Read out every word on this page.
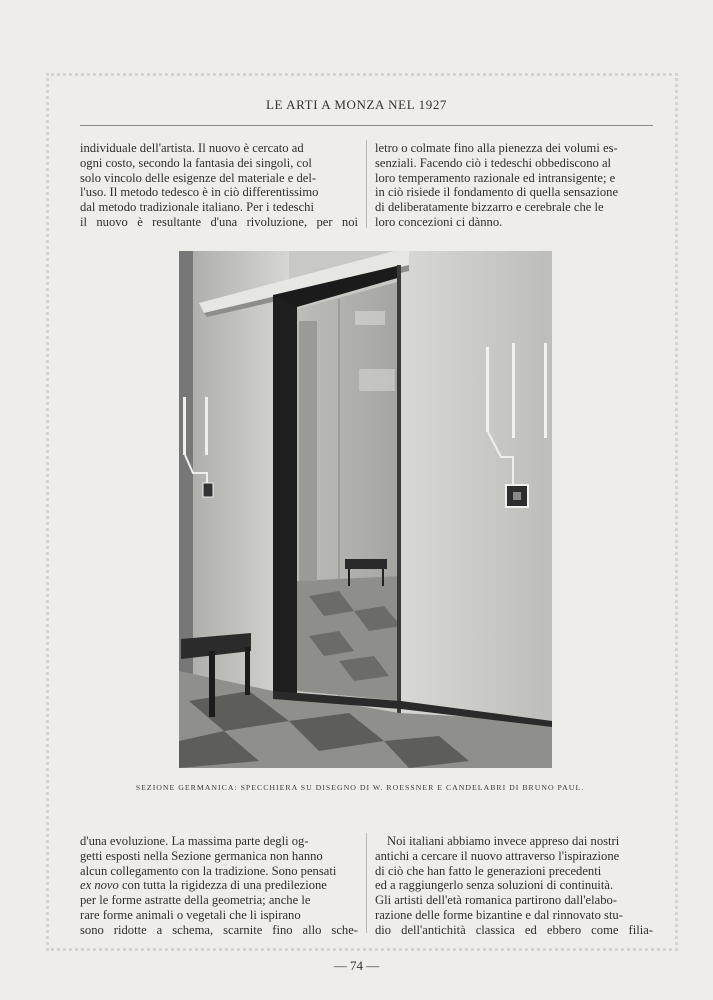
LE ARTI A MONZA NEL 1927

individuale dell'artista. Il nuovo è cercato ad

ogni costo, secondo la fantasia dei singoli, col

solo vincolo delle esigenze del materiale e del-

l'uso. Il metodo tedesco è in ciò differentissimo

dal metodo tradizionale italiano. Per i tedeschi

il nuovo è resultante d'una rivoluzione, per noi

letro o colmate fino alla pienezza dei volumi es-

senziali. Facendo ciò i tedeschi obbediscono al

loro temperamento razionale ed intransigente; e

in ciò risiede il fondamento di quella sensazione

di deliberatamente bizzarro e cerebrale che le

loro concezioni ci dànno.

SEZIONE GERMANICA: SPECCHIERA SU DISEGNO DI W. ROESSNER E CANDELABRI DI BRUNO PAUL.

d'una evoluzione. La massima parte degli og-

getti esposti nella Sezione germanica non hanno

alcun collegamento con la tradizione. Sono pensati

ex novo con tutta la rigidezza di una predilezione

per le forme astratte della geometria; anche le

rare forme animali o vegetali che li ispirano

sono ridotte a schema, scarnite fino allo sche-

Noi italiani abbiamo invece appreso dai nostri

antichi a cercare il nuovo attraverso l'ispirazione

di ciò che han fatto le generazioni precedenti

ed a raggiungerlo senza soluzioni di continuità.

Gli artisti dell'età romanica partirono dall'elabo-

razione delle forme bizantine e dal rinnovato stu-

dio dell'antichità classica ed ebbero come filia-

— 74 —
